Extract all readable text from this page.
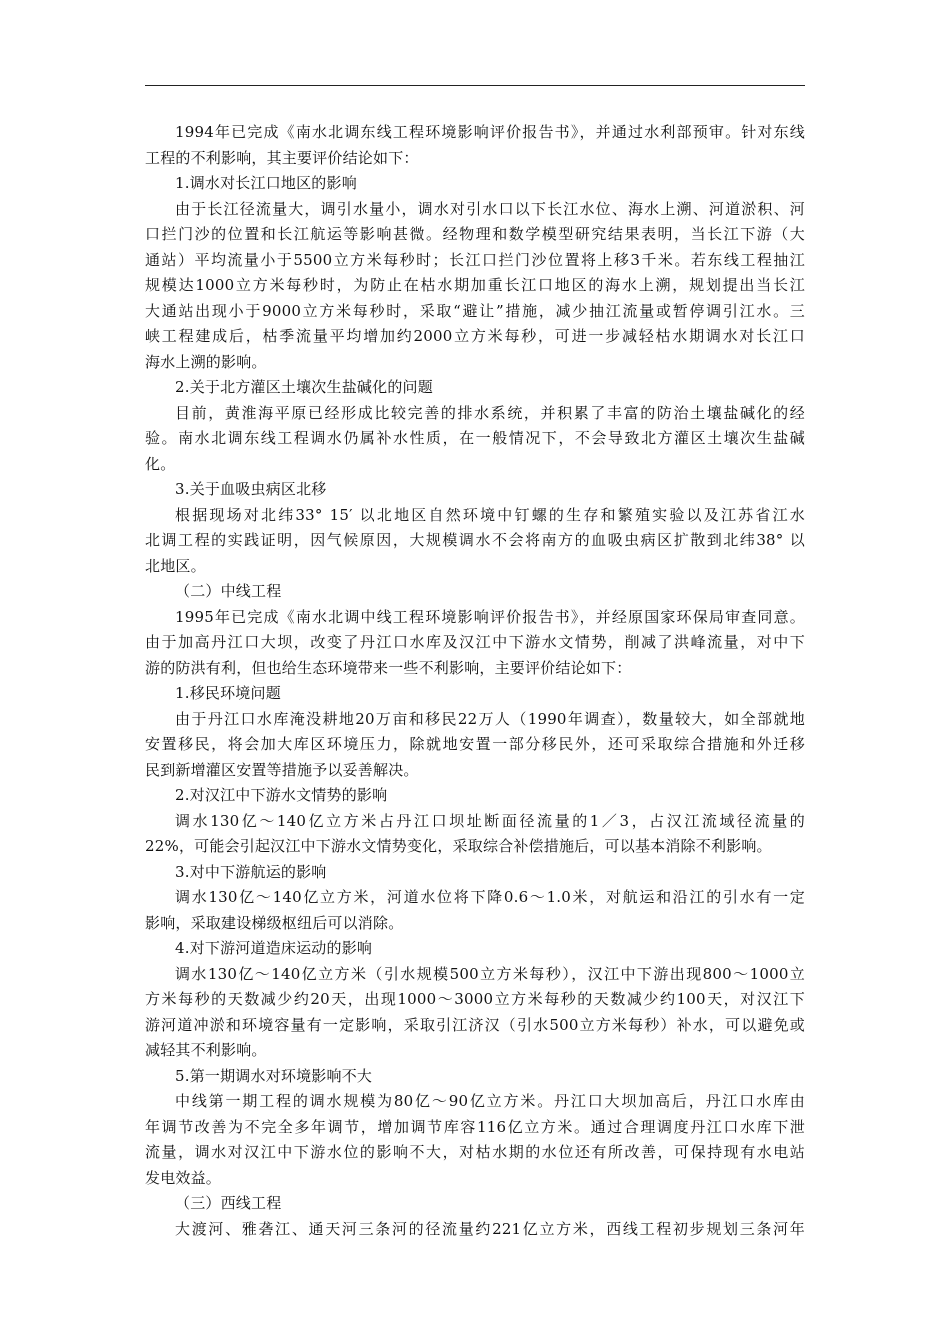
1994年已完成《南水北调东线工程环境影响评价报告书》，并通过水利部预审。针对东线
工程的不利影响，其主要评价结论如下：
1.调水对长江口地区的影响
由于长江径流量大，调引水量小，调水对引水口以下长江水位、海水上溯、河道淤积、河
口拦门沙的位置和长江航运等影响甚微。经物理和数学模型研究结果表明，当长江下游（大
通站）平均流量小于5500立方米每秒时；长江口拦门沙位置将上移3千米。若东线工程抽江
规模达1000立方米每秒时，为防止在枯水期加重长江口地区的海水上溯，规划提出当长江
大通站出现小于9000立方米每秒时，采取“避让”措施，减少抽江流量或暂停调引江水。三
峡工程建成后，枯季流量平均增加约2000立方米每秒，可进一步减轻枯水期调水对长江口
海水上溯的影响。
2.关于北方灌区土壤次生盐碱化的问题
目前，黄淮海平原已经形成比较完善的排水系统，并积累了丰富的防治土壤盐碱化的经
验。南水北调东线工程调水仍属补水性质，在一般情况下，不会导致北方灌区土壤次生盐碱
化。
3.关于血吸虫病区北移
根据现场对北纬33° 15′ 以北地区自然环境中钉螺的生存和繁殖实验以及江苏省江水
北调工程的实践证明，因气候原因，大规模调水不会将南方的血吸虫病区扩散到北纬38° 以
北地区。
（二）中线工程
1995年已完成《南水北调中线工程环境影响评价报告书》，并经原国家环保局审查同意。
由于加高丹江口大坝，改变了丹江口水库及汉江中下游水文情势，削减了洪峰流量，对中下
游的防洪有利，但也给生态环境带来一些不利影响，主要评价结论如下：
1.移民环境问题
由于丹江口水库淹没耕地20万亩和移民22万人（1990年调查），数量较大，如全部就地
安置移民，将会加大库区环境压力，除就地安置一部分移民外，还可采取综合措施和外迁移
民到新增灌区安置等措施予以妥善解决。
2.对汉江中下游水文情势的影响
调水130亿～140亿立方米占丹江口坝址断面径流量的1／3，占汉江流域径流量的
22%，可能会引起汉江中下游水文情势变化，采取综合补偿措施后，可以基本消除不利影响。
3.对中下游航运的影响
调水130亿～140亿立方米，河道水位将下降0.6～1.0米，对航运和沿江的引水有一定
影响，采取建设梯级枢纽后可以消除。
4.对下游河道造床运动的影响
调水130亿～140亿立方米（引水规模500立方米每秒），汉江中下游出现800～1000立
方米每秒的天数减少约20天，出现1000～3000立方米每秒的天数减少约100天，对汉江下
游河道冲淤和环境容量有一定影响，采取引江济汉（引水500立方米每秒）补水，可以避免或
减轻其不利影响。
5.第一期调水对环境影响不大
中线第一期工程的调水规模为80亿～90亿立方米。丹江口大坝加高后，丹江口水库由
年调节改善为不完全多年调节，增加调节库容116亿立方米。通过合理调度丹江口水库下泄
流量，调水对汉江中下游水位的影响不大，对枯水期的水位还有所改善，可保持现有水电站
发电效益。
（三）西线工程
大渡河、雅砻江、通天河三条河的径流量约221亿立方米，西线工程初步规划三条河年
